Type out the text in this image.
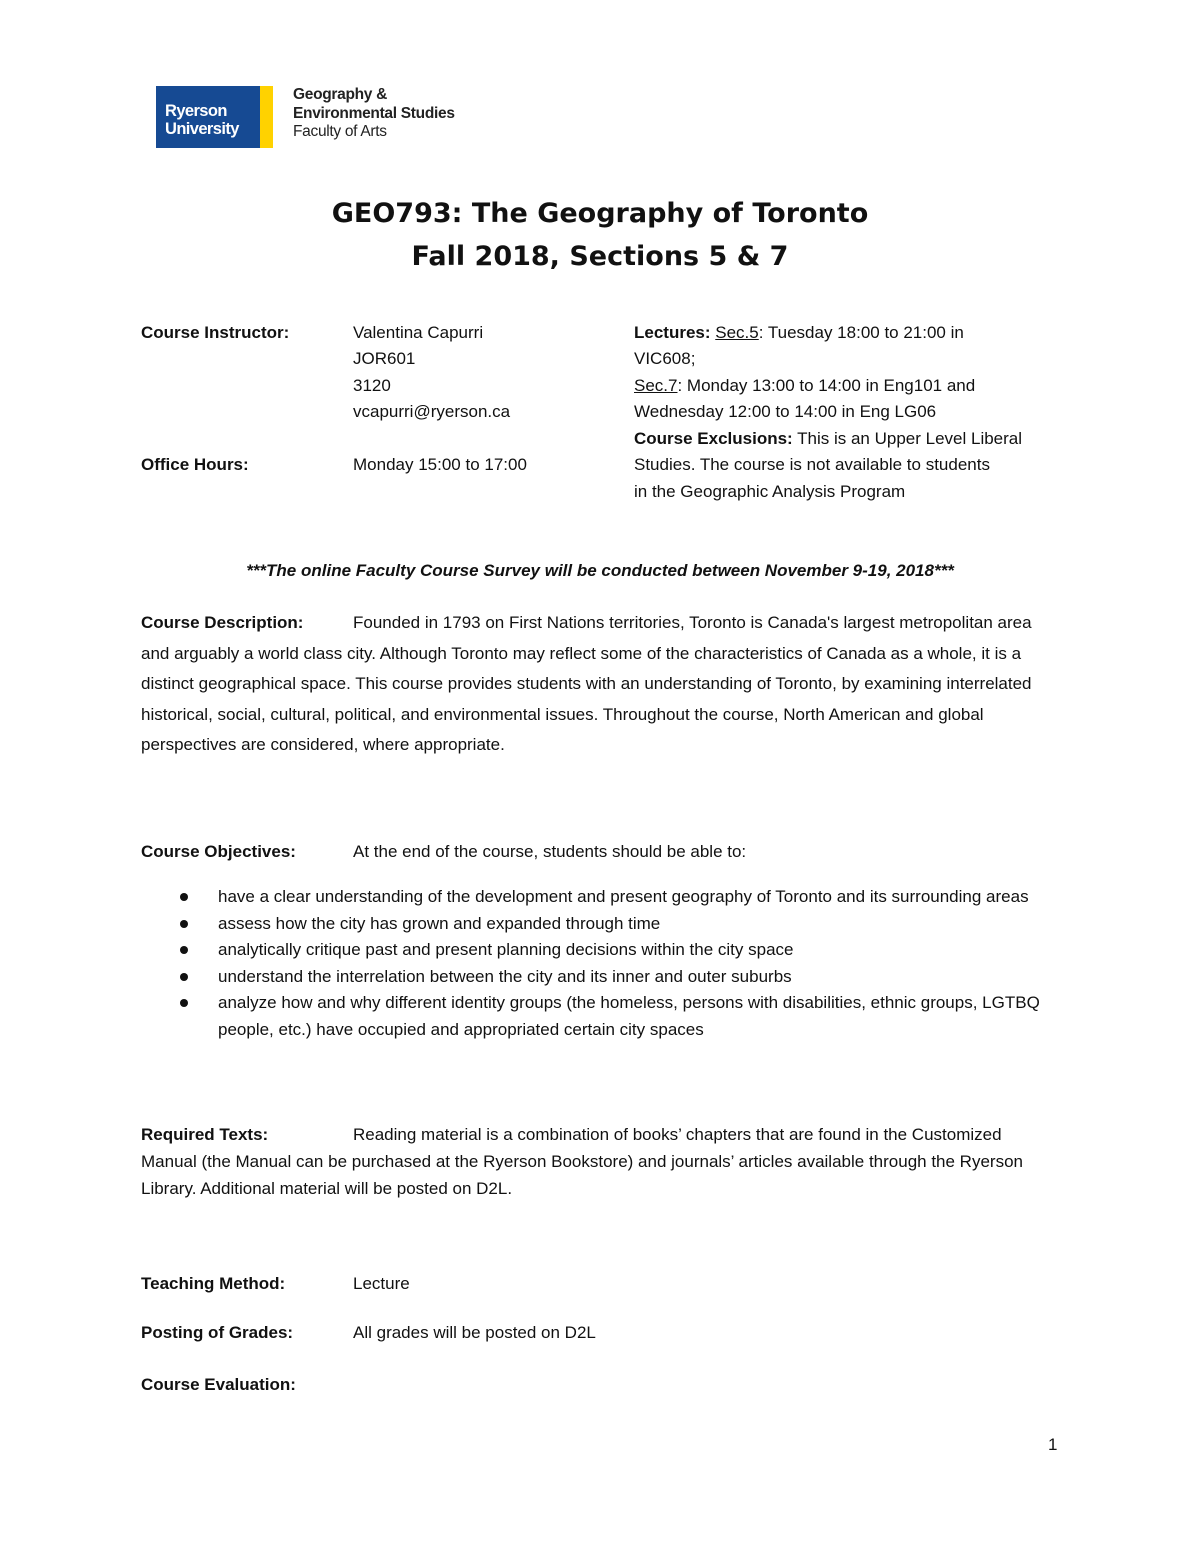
Ryerson
University
Geography &
Environmental Studies
Faculty of Arts
GEO793: The Geography of Toronto
Fall 2018, Sections 5 & 7
Course Instructor:	Valentina Capurri
JOR601
3120
vcapurri@ryerson.ca
Office Hours:	Monday 15:00 to 17:00
Lectures: Sec.5: Tuesday 18:00 to 21:00 in
VIC608;
Sec.7: Monday 13:00 to 14:00 in Eng101 and
Wednesday 12:00 to 14:00 in Eng LG06
Course Exclusions: This is an Upper Level Liberal
Studies. The course is not available to students
in the Geographic Analysis Program
***The online Faculty Course Survey will be conducted between November 9-19, 2018***
Course Description:	Founded in 1793 on First Nations territories, Toronto is Canada's largest metropolitan area and arguably a world class city. Although Toronto may reflect some of the characteristics of Canada as a whole, it is a distinct geographical space. This course provides students with an understanding of Toronto, by examining interrelated historical, social, cultural, political, and environmental issues. Throughout the course, North American and global perspectives are considered, where appropriate.
Course Objectives:	At the end of the course, students should be able to:
have a clear understanding of the development and present geography of Toronto and its surrounding areas
assess how the city has grown and expanded through time
analytically critique past and present planning decisions within the city space
understand the interrelation between the city and its inner and outer suburbs
analyze how and why different identity groups (the homeless, persons with disabilities, ethnic groups, LGTBQ people, etc.) have occupied and appropriated certain city spaces
Required Texts:	Reading material is a combination of books’ chapters that are found in the Customized Manual (the Manual can be purchased at the Ryerson Bookstore) and journals’ articles available through the Ryerson Library. Additional material will be posted on D2L.
Teaching Method:	Lecture
Posting of Grades:	All grades will be posted on D2L
Course Evaluation:
1
